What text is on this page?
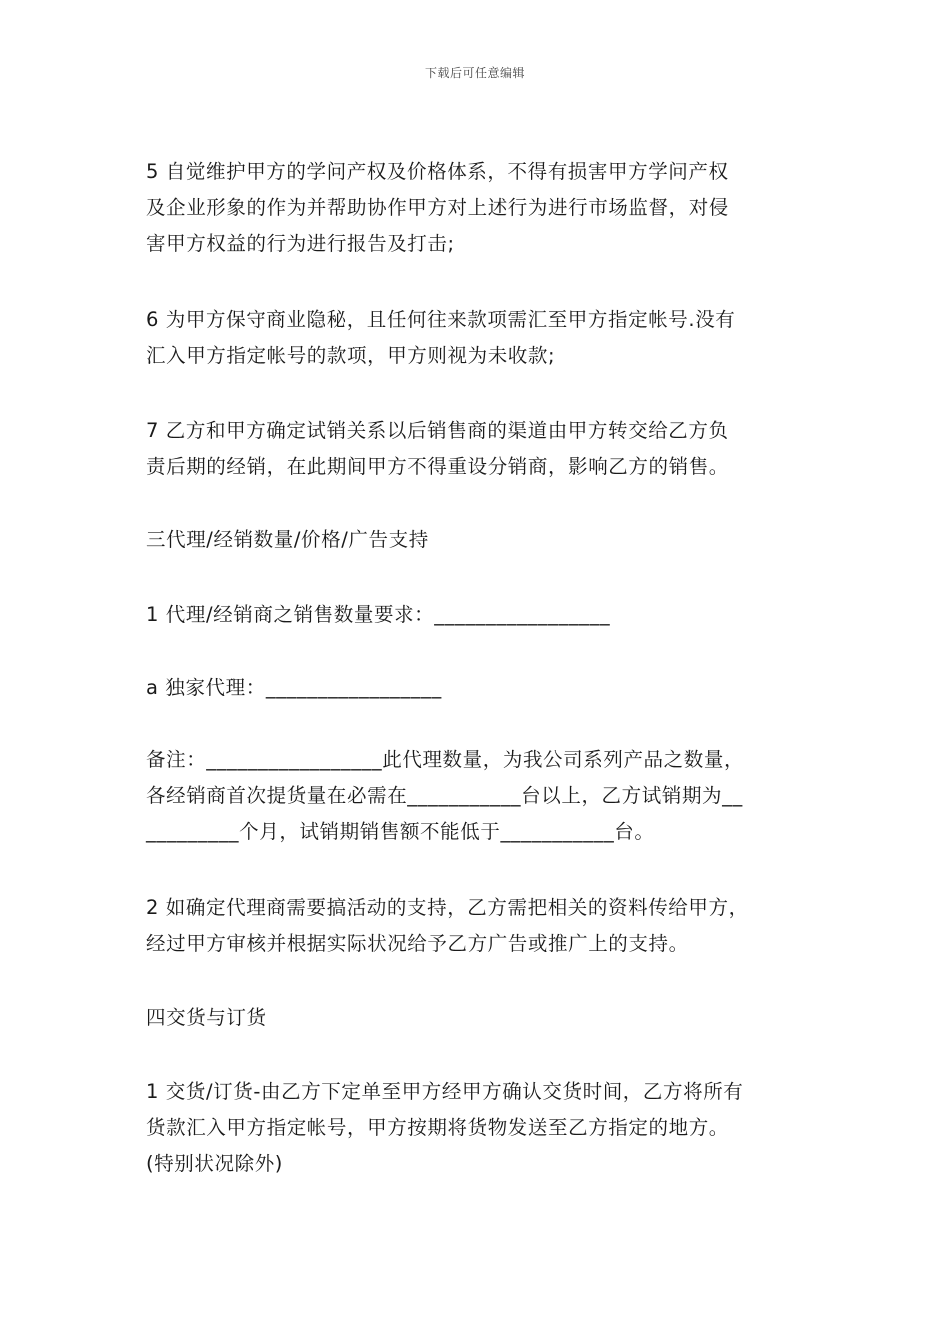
下载后可任意编辑
5 自觉维护甲方的学问产权及价格体系，不得有损害甲方学问产权
及企业形象的作为并帮助协作甲方对上述行为进行市场监督，对侵
害甲方权益的行为进行报告及打击;
6 为甲方保守商业隐秘，且任何往来款项需汇至甲方指定帐号.没有
汇入甲方指定帐号的款项，甲方则视为未收款;
7 乙方和甲方确定试销关系以后销售商的渠道由甲方转交给乙方负
责后期的经销，在此期间甲方不得重设分销商，影响乙方的销售。
三代理/经销数量/价格/广告支持
1 代理/经销商之销售数量要求：_________________
a 独家代理：_________________
备注：_________________此代理数量，为我公司系列产品之数量，
各经销商首次提货量在必需在___________台以上，乙方试销期为__
_________个月，试销期销售额不能低于___________台。
2 如确定代理商需要搞活动的支持，乙方需把相关的资料传给甲方，
经过甲方审核并根据实际状况给予乙方广告或推广上的支持。
四交货与订货
1 交货/订货-由乙方下定单至甲方经甲方确认交货时间，乙方将所有
货款汇入甲方指定帐号，甲方按期将货物发送至乙方指定的地方。
(特别状况除外)
